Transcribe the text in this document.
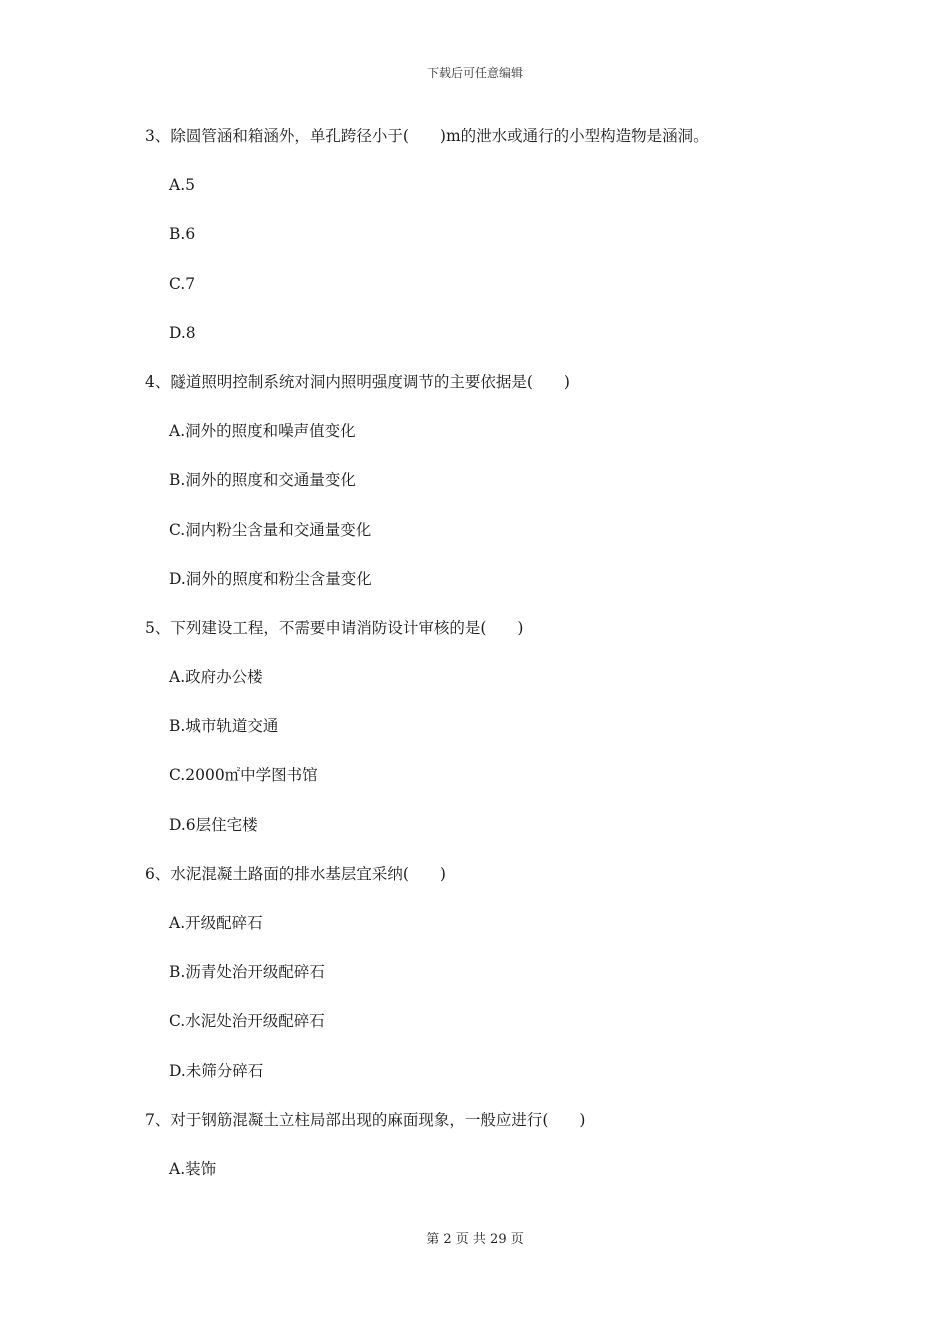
下载后可任意编辑
3、除圆管涵和箱涵外，单孔跨径小于(　　)m的泄水或通行的小型构造物是涵洞。
A.5
B.6
C.7
D.8
4、隧道照明控制系统对洞内照明强度调节的主要依据是(　　)
A.洞外的照度和噪声值变化
B.洞外的照度和交通量变化
C.洞内粉尘含量和交通量变化
D.洞外的照度和粉尘含量变化
5、下列建设工程，不需要申请消防设计审核的是(　　)
A.政府办公楼
B.城市轨道交通
C.2000㎡中学图书馆
D.6层住宅楼
6、水泥混凝土路面的排水基层宜采纳(　　)
A.开级配碎石
B.沥青处治开级配碎石
C.水泥处治开级配碎石
D.未筛分碎石
7、对于钢筋混凝土立柱局部出现的麻面现象，一般应进行(　　)
A.装饰
第 2 页 共 29 页
